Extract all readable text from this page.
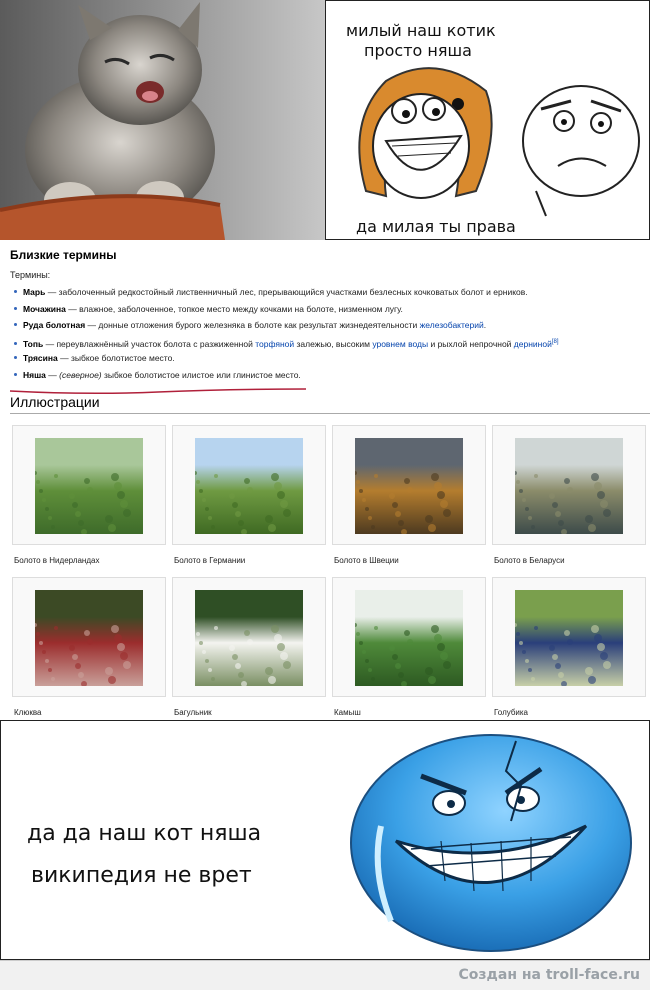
милый наш котик
просто няша
да милая ты права
Близкие термины
Термины:
Марь — заболоченный редкостойный лиственничный лес, прерывающийся участками безлесных кочковатых болот и ерников.
Мочажина — влажное, заболоченное, топкое место между кочками на болоте, низменном лугу.
Руда болотная — донные отложения бурого железняка в болоте как результат жизнедеятельности железобактерий.
Топь — переувлажнённый участок болота с разжиженной торфяной залежью, высоким уровнем воды и рыхлой непрочной дерниной[8]
Трясина — зыбкое болотистое место.
Няша — (северное) зыбкое болотистое илистое или глинистое место.
Иллюстрации
Болото в Нидерландах	Болото в Германии	Болото в Швеции	Болото в Беларуси
Клюква	Багульник	Камыш	Голубика
да да наш кот няша
википедия не врет
Создан на troll-face.ru
